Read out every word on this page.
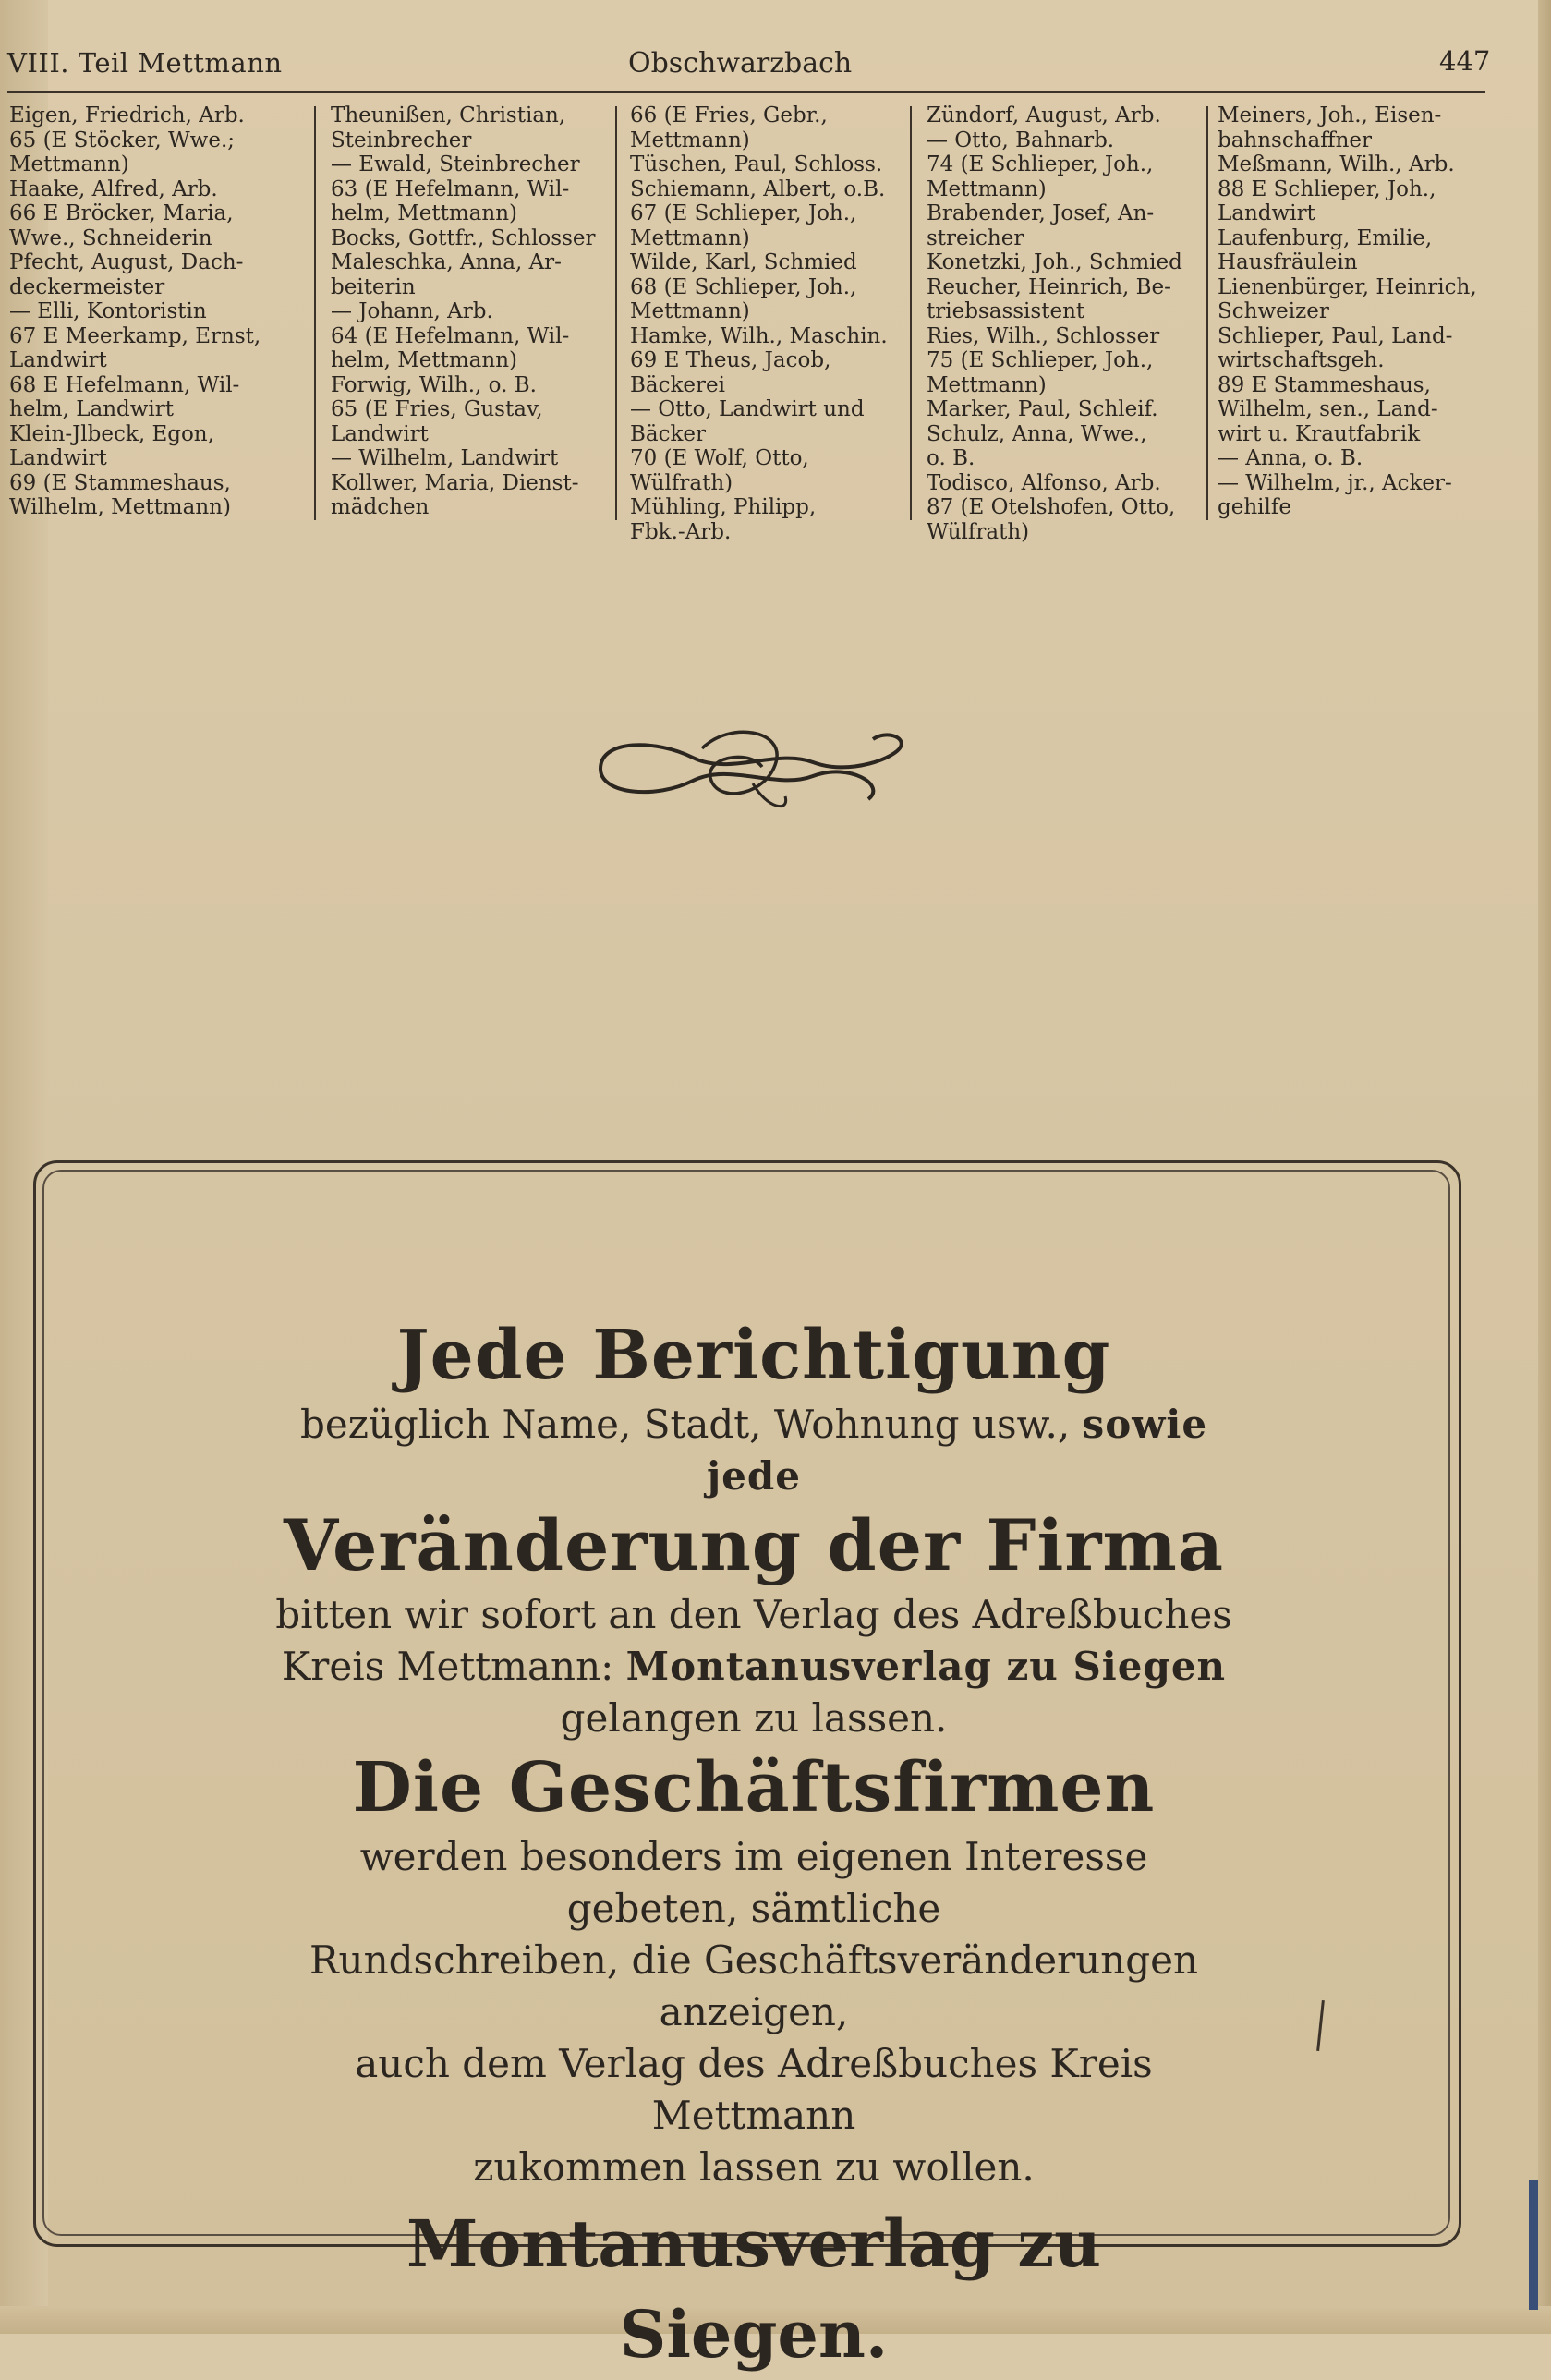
VIII. Teil Mettmann	Obschwarzbach	447
Eigen, Friedrich, Arb.
65 (E Stöcker, Wwe.;
Mettmann)
Haake, Alfred, Arb.
66 E Bröcker, Maria,
Wwe., Schneiderin
Pfecht, August, Dach-
deckermeister
— Elli, Kontoristin
67 E Meerkamp, Ernst,
Landwirt
68 E Hefelmann, Wil-
helm, Landwirt
Klein-Jlbeck, Egon,
Landwirt
69 (E Stammeshaus,
Wilhelm, Mettmann)
Theunißen, Christian,
Steinbrecher
— Ewald, Steinbrecher
63 (E Hefelmann, Wil-
helm, Mettmann)
Bocks, Gottfr., Schlosser
Maleschka, Anna, Ar-
beiterin
— Johann, Arb.
64 (E Hefelmann, Wil-
helm, Mettmann)
Forwig, Wilh., o. B.
65 (E Fries, Gustav,
Landwirt
— Wilhelm, Landwirt
Kollwer, Maria, Dienst-
mädchen
66 (E Fries, Gebr.,
Mettmann)
Tüschen, Paul, Schloss.
Schiemann, Albert, o.B.
67 (E Schlieper, Joh.,
Mettmann)
Wilde, Karl, Schmied
68 (E Schlieper, Joh.,
Mettmann)
Hamke, Wilh., Maschin.
69 E Theus, Jacob,
Bäckerei
— Otto, Landwirt und
Bäcker
70 (E Wolf, Otto,
Wülfrath)
Mühling, Philipp,
Fbk.-Arb.
Zündorf, August, Arb.
— Otto, Bahnarb.
74 (E Schlieper, Joh.,
Mettmann)
Brabender, Josef, An-
streicher
Konetzki, Joh., Schmied
Reucher, Heinrich, Be-
triebsassistent
Ries, Wilh., Schlosser
75 (E Schlieper, Joh.,
Mettmann)
Marker, Paul, Schleif.
Schulz, Anna, Wwe.,
o. B.
Todisco, Alfonso, Arb.
87 (E Otelshofen, Otto,
Wülfrath)
Meiners, Joh., Eisen-
bahnschaffner
Meßmann, Wilh., Arb.
88 E Schlieper, Joh.,
Landwirt
Laufenburg, Emilie,
Hausfräulein
Lienenbürger, Heinrich,
Schweizer
Schlieper, Paul, Land-
wirtschaftsgeh.
89 E Stammeshaus,
Wilhelm, sen., Land-
wirt u. Krautfabrik
— Anna, o. B.
— Wilhelm, jr., Acker-
gehilfe
Jede Berichtigung
bezüglich Name, Stadt, Wohnung usw., sowie jede
Veränderung der Firma
bitten wir sofort an den Verlag des Adreßbuches
Kreis Mettmann: Montanusverlag zu Siegen
gelangen zu lassen.
Die Geschäftsfirmen
werden besonders im eigenen Interesse gebeten, sämtliche
Rundschreiben, die Geschäftsveränderungen anzeigen,
auch dem Verlag des Adreßbuches Kreis Mettmann
zukommen lassen zu wollen.
Montanusverlag zu Siegen.
